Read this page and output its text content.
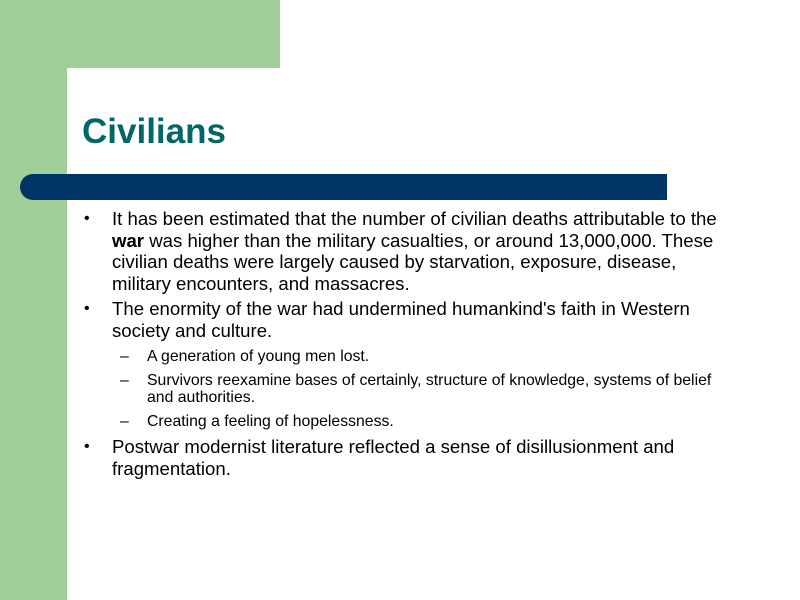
Civilians

• It has been estimated that the number of civilian deaths attributable to the war was higher than the military casualties, or around 13,000,000. These civilian deaths were largely caused by starvation, exposure, disease, military encounters, and massacres.

• The enormity of the war had undermined humankind's faith in Western society and culture.

– A generation of young men lost.

– Survivors reexamine bases of certainly, structure of knowledge, systems of belief and authorities.

– Creating a feeling of hopelessness.

• Postwar modernist literature reflected a sense of disillusionment and fragmentation.
